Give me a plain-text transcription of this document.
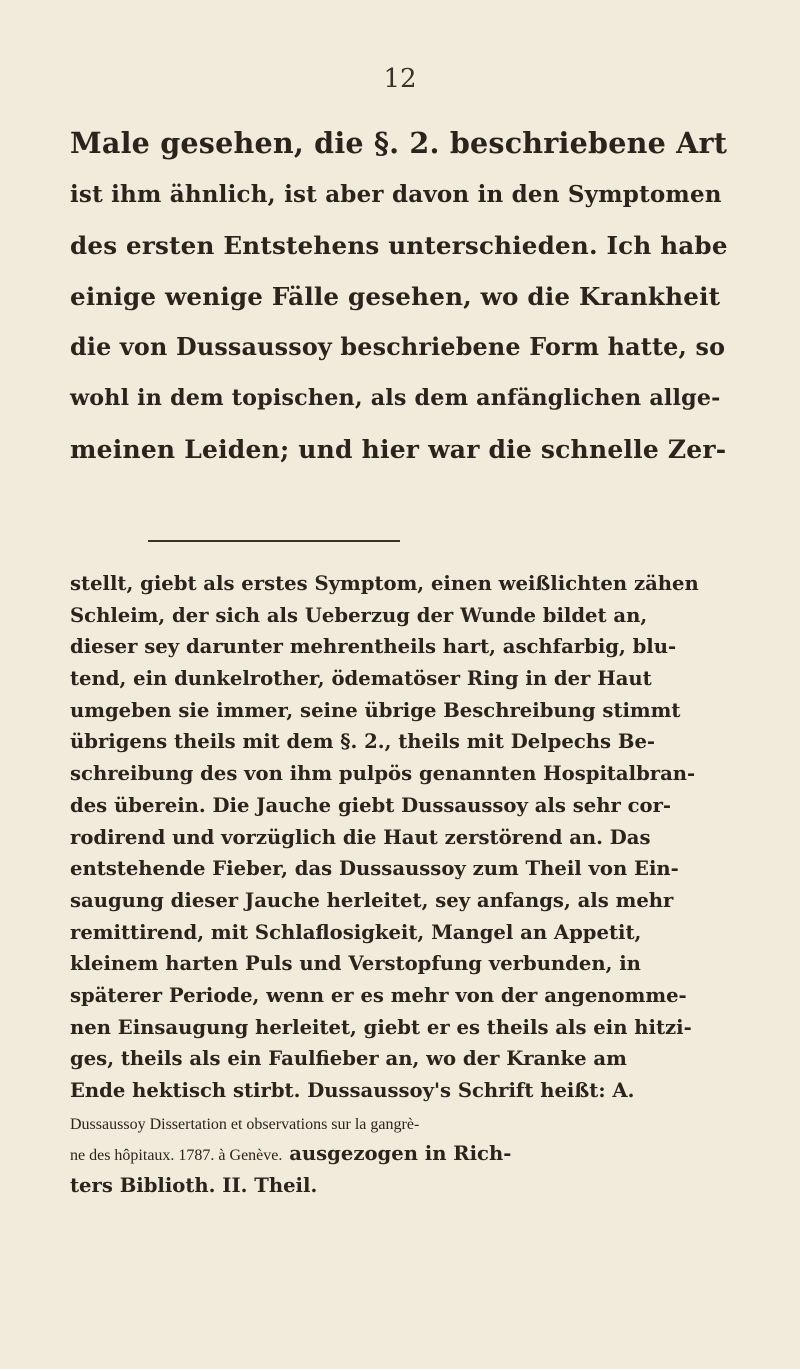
12
Male gesehen, die §. 2. beschriebene Art
ist ihm ähnlich, ist aber davon in den Symptomen
des ersten Entstehens unterschieden. Ich habe
einige wenige Fälle gesehen, wo die Krankheit
die von Dussaussoy beschriebene Form hatte, so
wohl in dem topischen, als dem anfänglichen allge-
meinen Leiden; und hier war die schnelle Zer-
stellt, giebt als erstes Symptom, einen weißlichten zähen
Schleim, der sich als Ueberzug der Wunde bildet an,
dieser sey darunter mehrentheils hart, aschfarbig, blu-
tend, ein dunkelrother, ödematöser Ring in der Haut
umgeben sie immer, seine übrige Beschreibung stimmt
übrigens theils mit dem §. 2., theils mit Delpechs Be-
schreibung des von ihm pulpös genannten Hospitalbran-
des überein. Die Jauche giebt Dussaussoy als sehr cor-
rodirend und vorzüglich die Haut zerstörend an. Das
entstehende Fieber, das Dussaussoy zum Theil von Ein-
saugung dieser Jauche herleitet, sey anfangs, als mehr
remittirend, mit Schlaflosigkeit, Mangel an Appetit,
kleinem harten Puls und Verstopfung verbunden, in
späterer Periode, wenn er es mehr von der angenomme-
nen Einsaugung herleitet, giebt er es theils als ein hitzi-
ges, theils als ein Faulfieber an, wo der Kranke am
Ende hektisch stirbt. Dussaussoy's Schrift heißt: A.
Dussaussoy Dissertation et observations sur la gangrè-
ne des hôpitaux. 1787. à Genève. ausgezogen in Rich-
ters Biblioth. II. Theil.
